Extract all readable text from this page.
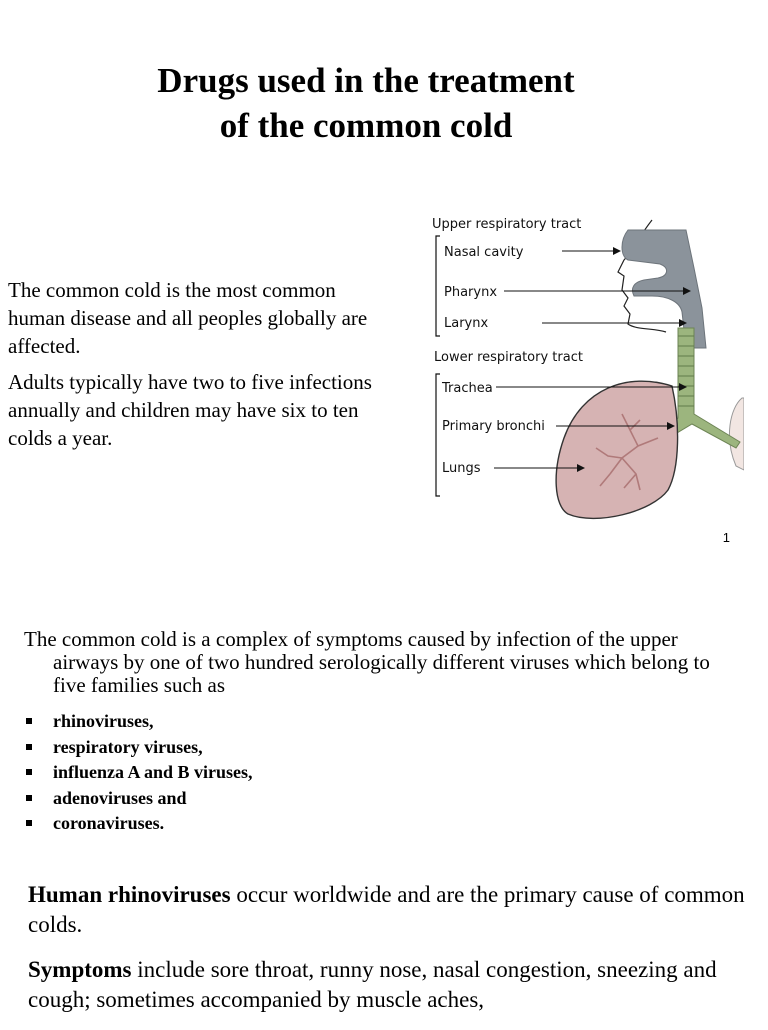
Drugs used in the treatment
of the common cold

The common cold is the most common human disease and all peoples globally are affected.

Adults typically have two to five infections annually and children may have six to ten colds a year.

Upper respiratory tract
Nasal cavity
Pharynx
Larynx
Lower respiratory tract
Trachea
Primary bronchi
Lungs
1

The common cold is a complex of symptoms caused by infection of the upper airways by one of two hundred serologically different viruses which belong to five families such as

rhinoviruses,
respiratory viruses,
influenza A and B viruses,
adenoviruses and
coronaviruses.

Human rhinoviruses occur worldwide and are the primary cause of common colds.

Symptoms include sore throat, runny nose, nasal congestion, sneezing and cough; sometimes accompanied by muscle aches,
